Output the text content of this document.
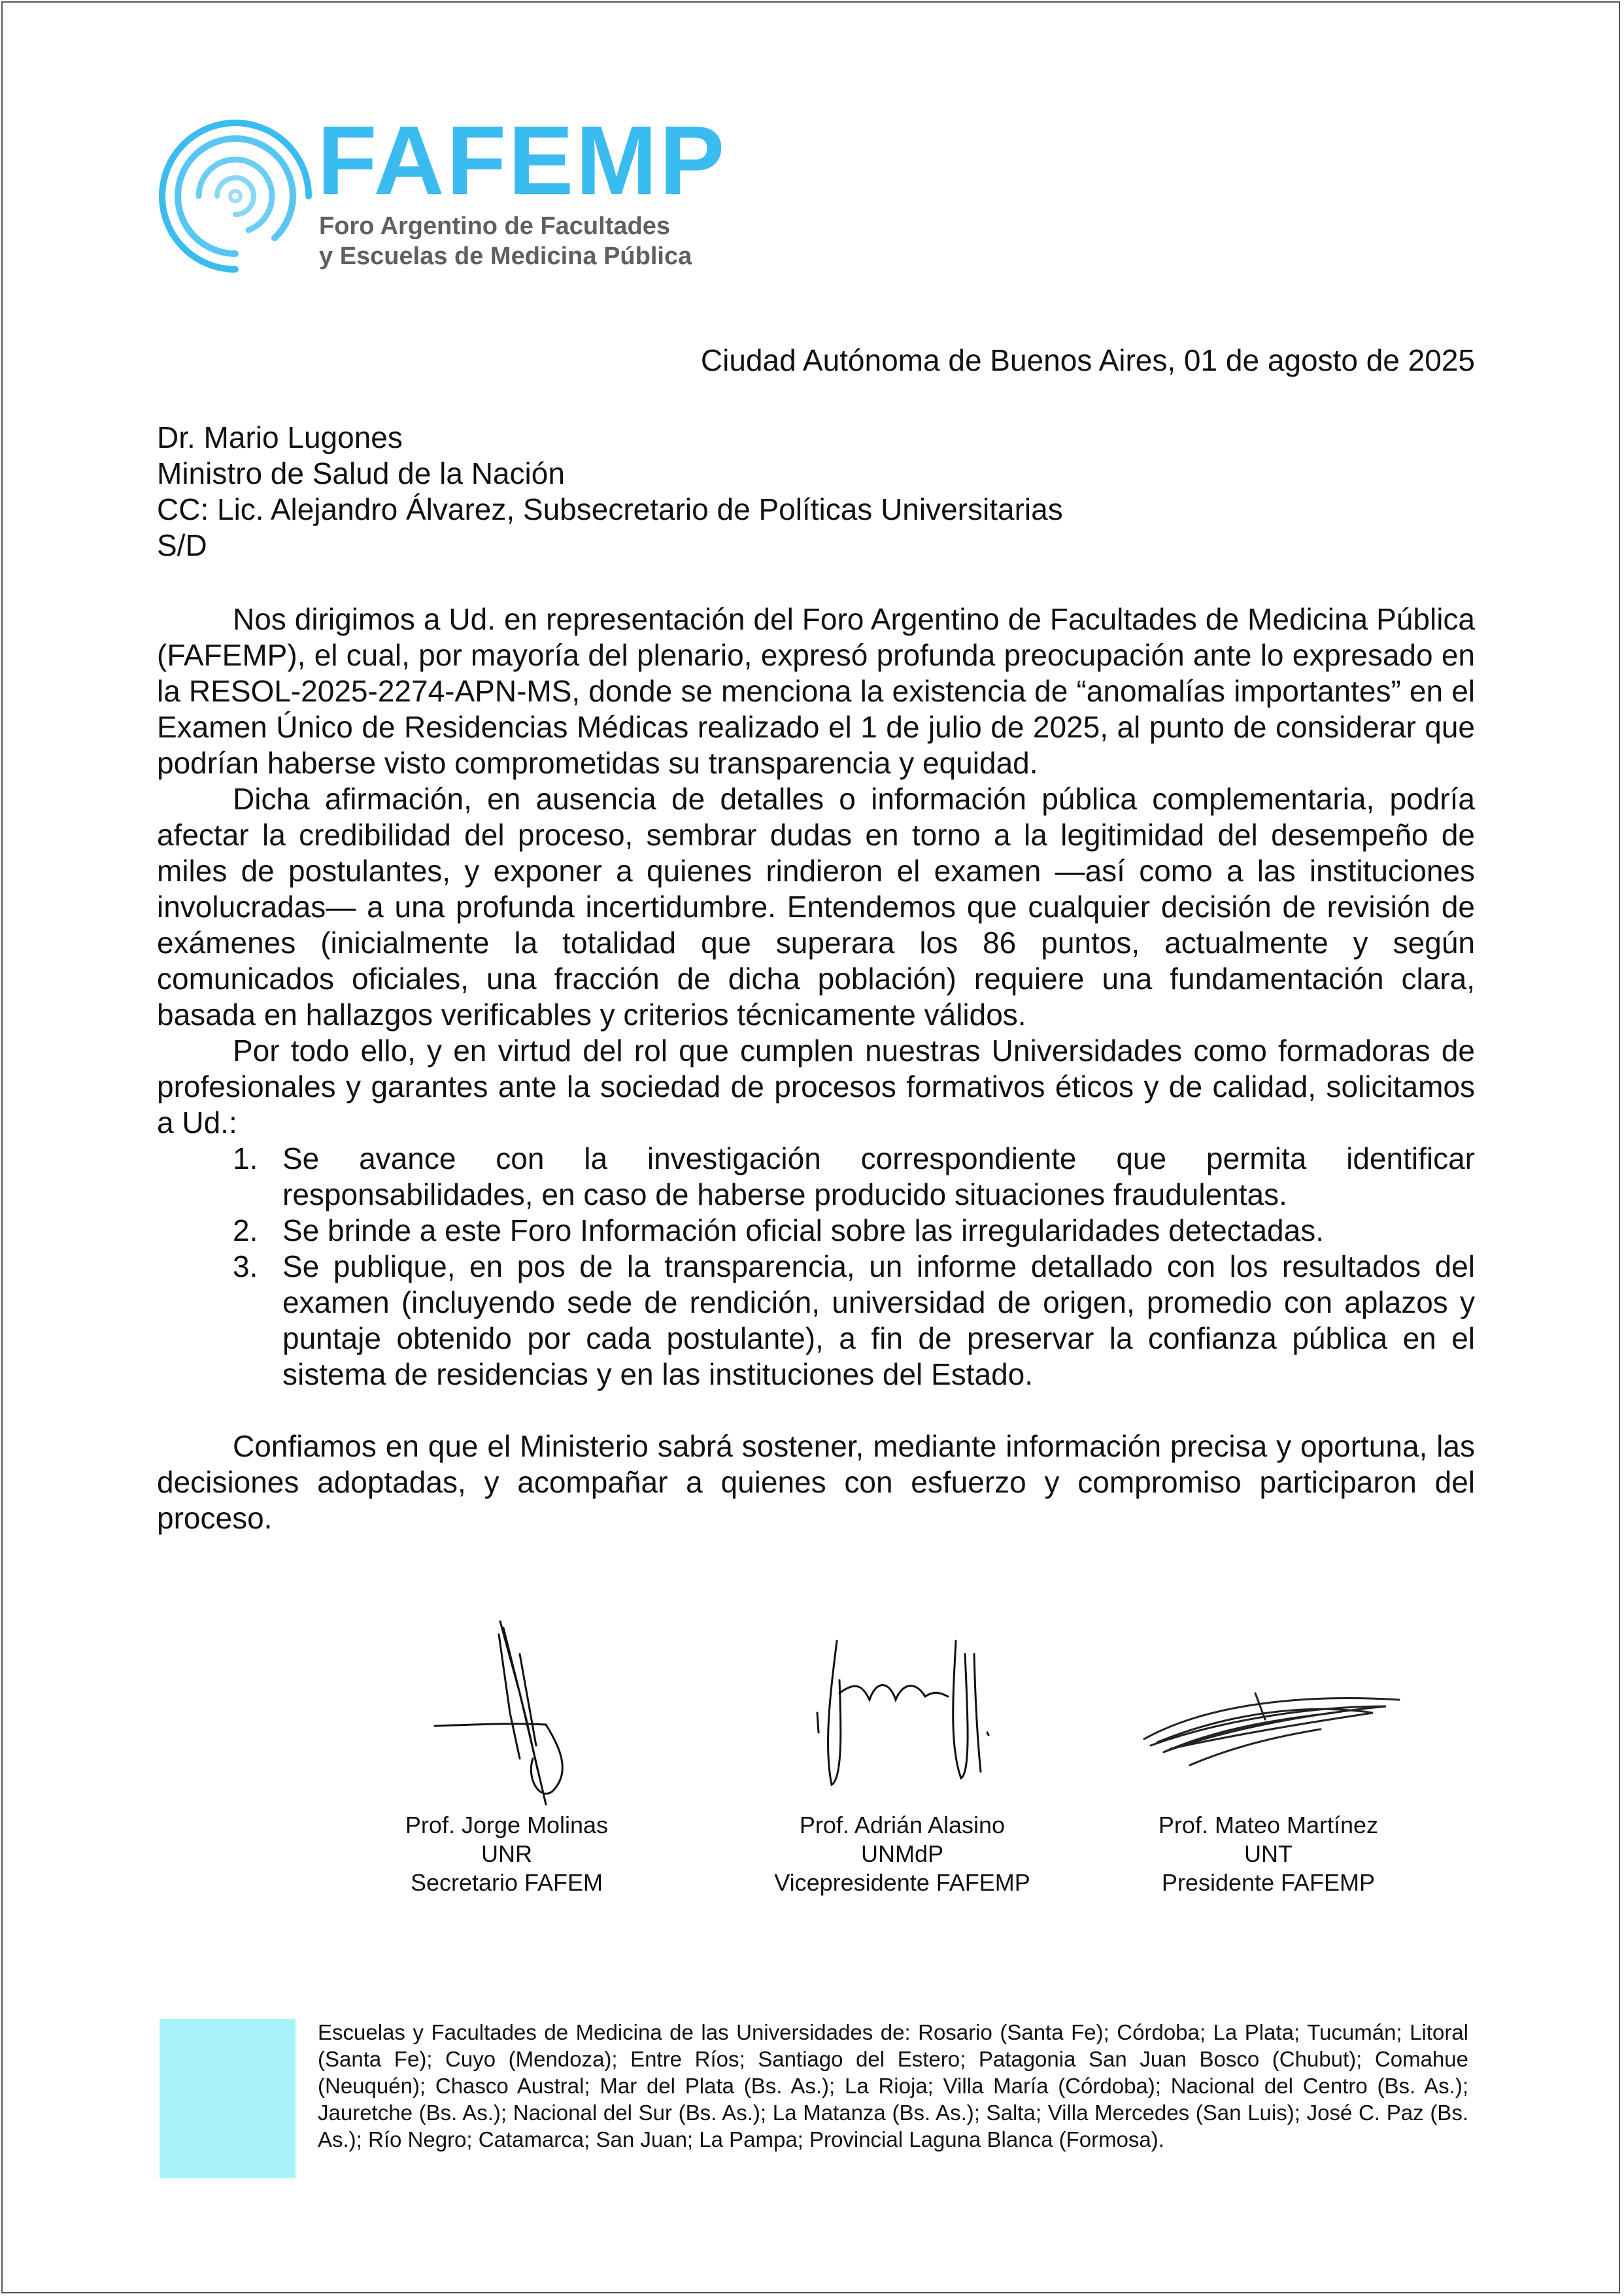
FAFEMP
Foro Argentino de Facultades
y Escuelas de Medicina Pública
Ciudad Autónoma de Buenos Aires, 01 de agosto de 2025
Dr. Mario Lugones
Ministro de Salud de la Nación
CC: Lic. Alejandro Álvarez, Subsecretario de Políticas Universitarias
S/D

Nos dirigimos a Ud. en representación del Foro Argentino de Facultades de Medicina Pública (FAFEMP), el cual, por mayoría del plenario, expresó profunda preocupación ante lo expresado en la RESOL-2025-2274-APN-MS, donde se menciona la existencia de “anomalías importantes” en el Examen Único de Residencias Médicas realizado el 1 de julio de 2025, al punto de considerar que podrían haberse visto comprometidas su transparencia y equidad.

Dicha afirmación, en ausencia de detalles o información pública complementaria, podría afectar la credibilidad del proceso, sembrar dudas en torno a la legitimidad del desempeño de miles de postulantes, y exponer a quienes rindieron el examen —así como a las instituciones involucradas— a una profunda incertidumbre. Entendemos que cualquier decisión de revisión de exámenes (inicialmente la totalidad que superara los 86 puntos, actualmente y según comunicados oficiales, una fracción de dicha población) requiere una fundamentación clara, basada en hallazgos verificables y criterios técnicamente válidos.

Por todo ello, y en virtud del rol que cumplen nuestras Universidades como formadoras de profesionales y garantes ante la sociedad de procesos formativos éticos y de calidad, solicitamos a Ud.:

1. Se avance con la investigación correspondiente que permita identificar responsabilidades, en caso de haberse producido situaciones fraudulentas.
2. Se brinde a este Foro Información oficial sobre las irregularidades detectadas.
3. Se publique, en pos de la transparencia, un informe detallado con los resultados del examen (incluyendo sede de rendición, universidad de origen, promedio con aplazos y puntaje obtenido por cada postulante), a fin de preservar la confianza pública en el sistema de residencias y en las instituciones del Estado.

Confiamos en que el Ministerio sabrá sostener, mediante información precisa y oportuna, las decisiones adoptadas, y acompañar a quienes con esfuerzo y compromiso participaron del proceso.

Prof. Jorge Molinas
UNR
Secretario FAFEM
Prof. Adrián Alasino
UNMdP
Vicepresidente FAFEMP
Prof. Mateo Martínez
UNT
Presidente FAFEMP
Escuelas y Facultades de Medicina de las Universidades de: Rosario (Santa Fe); Córdoba; La Plata; Tucumán; Litoral (Santa Fe); Cuyo (Mendoza); Entre Ríos; Santiago del Estero; Patagonia San Juan Bosco (Chubut); Comahue (Neuquén); Chasco Austral; Mar del Plata (Bs. As.); La Rioja; Villa María (Córdoba); Nacional del Centro (Bs. As.); Jauretche (Bs. As.); Nacional del Sur (Bs. As.); La Matanza (Bs. As.); Salta; Villa Mercedes (San Luis); José C. Paz (Bs. As.); Río Negro; Catamarca; San Juan; La Pampa; Provincial Laguna Blanca (Formosa).
